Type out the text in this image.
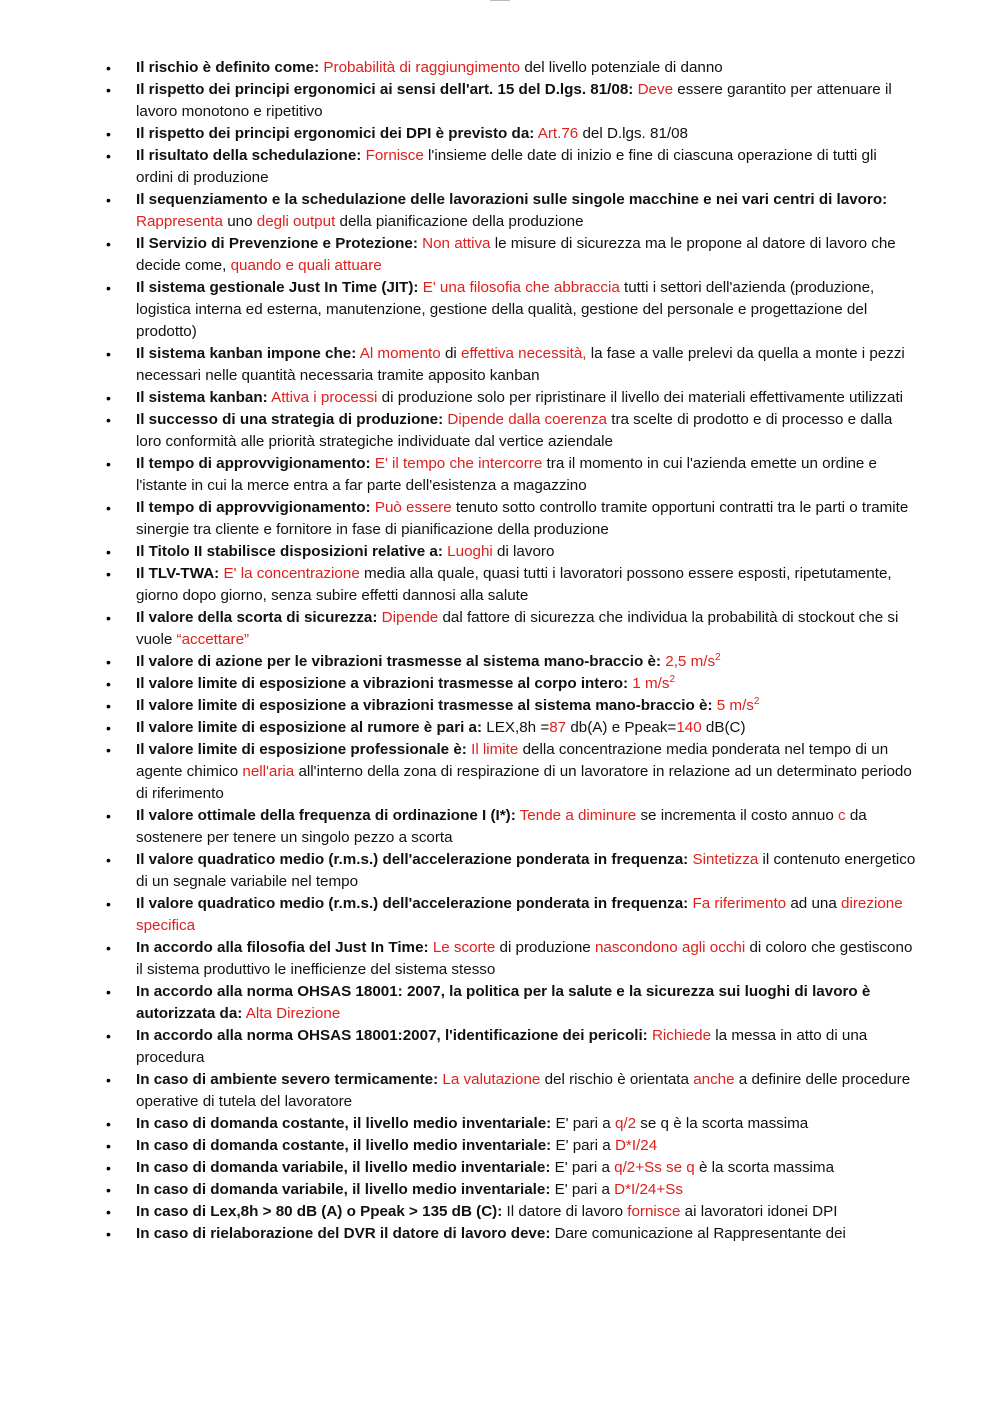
• Il rischio è definito come: Probabilità di raggiungimento del livello potenziale di danno
• Il rispetto dei principi ergonomici ai sensi dell'art. 15 del D.lgs. 81/08: Deve essere garantito per attenuare il lavoro monotono e ripetitivo
• Il rispetto dei principi ergonomici dei DPI è previsto da: Art.76 del D.lgs. 81/08
• Il risultato della schedulazione: Fornisce l'insieme delle date di inizio e fine di ciascuna operazione di tutti gli ordini di produzione
• Il sequenziamento e la schedulazione delle lavorazioni sulle singole macchine e nei vari centri di lavoro: Rappresenta uno degli output della pianificazione della produzione
• Il Servizio di Prevenzione e Protezione: Non attiva le misure di sicurezza ma le propone al datore di lavoro che decide come, quando e quali attuare
• Il sistema gestionale Just In Time (JIT): E' una filosofia che abbraccia tutti i settori dell'azienda (produzione, logistica interna ed esterna, manutenzione, gestione della qualità, gestione del personale e progettazione del prodotto)
• Il sistema kanban impone che: Al momento di effettiva necessità, la fase a valle prelevi da quella a monte i pezzi necessari nelle quantità necessaria tramite apposito kanban
• Il sistema kanban: Attiva i processi di produzione solo per ripristinare il livello dei materiali effettivamente utilizzati
• Il successo di una strategia di produzione: Dipende dalla coerenza tra scelte di prodotto e di processo e dalla loro conformità alle priorità strategiche individuate dal vertice aziendale
• Il tempo di approvvigionamento: E' il tempo che intercorre tra il momento in cui l'azienda emette un ordine e l'istante in cui la merce entra a far parte dell'esistenza a magazzino
• Il tempo di approvvigionamento: Può essere tenuto sotto controllo tramite opportuni contratti tra le parti o tramite sinergie tra cliente e fornitore in fase di pianificazione della produzione
• Il Titolo II stabilisce disposizioni relative a: Luoghi di lavoro
• Il TLV-TWA: E' la concentrazione media alla quale, quasi tutti i lavoratori possono essere esposti, ripetutamente, giorno dopo giorno, senza subire effetti dannosi alla salute
• Il valore della scorta di sicurezza: Dipende dal fattore di sicurezza che individua la probabilità di stockout che si vuole “accettare”
• Il valore di azione per le vibrazioni trasmesse al sistema mano-braccio è: 2,5 $m/s^2$
• Il valore limite di esposizione a vibrazioni trasmesse al corpo intero: 1 $m/s^2$
• Il valore limite di esposizione a vibrazioni trasmesse al sistema mano-braccio è: 5 $m/s^2$
• Il valore limite di esposizione al rumore è pari a: LEX,8h =87 db(A) e Ppeak=140 dB(C)
• Il valore limite di esposizione professionale è: Il limite della concentrazione media ponderata nel tempo di un agente chimico nell'aria all'interno della zona di respirazione di un lavoratore in relazione ad un determinato periodo di riferimento
• Il valore ottimale della frequenza di ordinazione I (I*): Tende a diminure se incrementa il costo annuo c da sostenere per tenere un singolo pezzo a scorta
• Il valore quadratico medio (r.m.s.) dell'accelerazione ponderata in frequenza: Sintetizza il contenuto energetico di un segnale variabile nel tempo
• Il valore quadratico medio (r.m.s.) dell'accelerazione ponderata in frequenza: Fa riferimento ad una direzione specifica
• In accordo alla filosofia del Just In Time: Le scorte di produzione nascondono agli occhi di coloro che gestiscono il sistema produttivo le inefficienze del sistema stesso
• In accordo alla norma OHSAS 18001: 2007, la politica per la salute e la sicurezza sui luoghi di lavoro è autorizzata da: Alta Direzione
• In accordo alla norma OHSAS 18001:2007, l'identificazione dei pericoli: Richiede la messa in atto di una procedura
• In caso di ambiente severo termicamente: La valutazione del rischio è orientata anche a definire delle procedure operative di tutela del lavoratore
• In caso di domanda costante, il livello medio inventariale: E' pari a q/2 se q è la scorta massima
• In caso di domanda costante, il livello medio inventariale: E' pari a D*I/24
• In caso di domanda variabile, il livello medio inventariale: E' pari a q/2+Ss se q è la scorta massima
• In caso di domanda variabile, il livello medio inventariale: E' pari a D*I/24+Ss
• In caso di Lex,8h > 80 dB (A) o Ppeak > 135 dB (C): Il datore di lavoro fornisce ai lavoratori idonei DPI
• In caso di rielaborazione del DVR il datore di lavoro deve: Dare comunicazione al Rappresentante dei
